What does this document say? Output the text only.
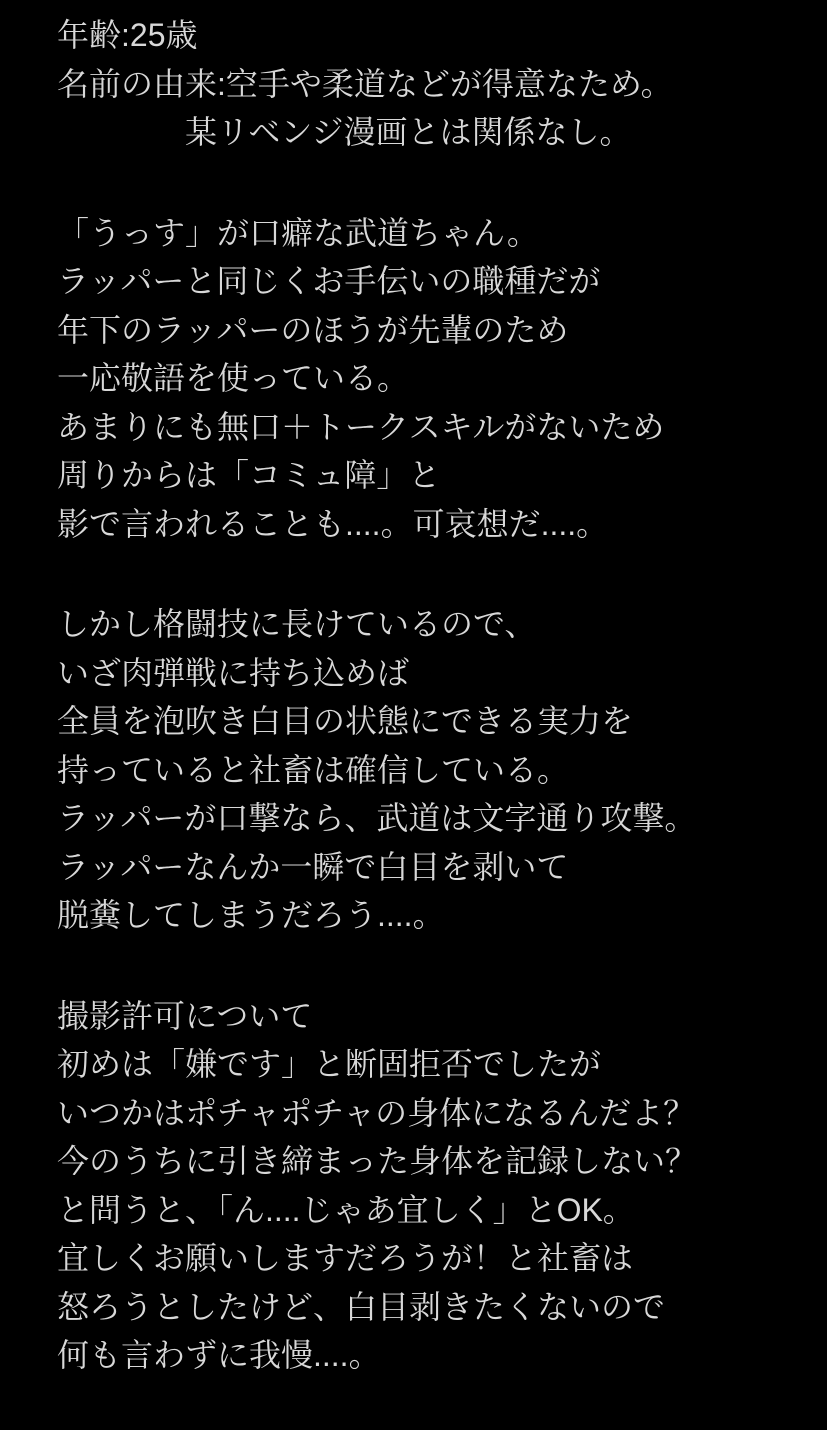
年齢:25歳
名前の由来:空手や柔道などが得意なため。
　　　　某リベンジ漫画とは関係なし。
「うっす」が口癖な武道ちゃん。
ラッパーと同じくお手伝いの職種だが
年下のラッパーのほうが先輩のため
一応敬語を使っている。
あまりにも無口＋トークスキルがないため
周りからは「コミュ障」と
影で言われることも....。可哀想だ....。
しかし格闘技に長けているので、
いざ肉弾戦に持ち込めば
全員を泡吹き白目の状態にできる実力を
持っていると社畜は確信している。
ラッパーが口撃なら、武道は文字通り攻撃。
ラッパーなんか一瞬で白目を剥いて
脱糞してしまうだろう....。
撮影許可について
初めは「嫌です」と断固拒否でしたが
いつかはポチャポチャの身体になるんだよ？
今のうちに引き締まった身体を記録しない？
と問うと、「ん....じゃあ宜しく」とOK。
宜しくお願いしますだろうが！と社畜は
怒ろうとしたけど、白目剥きたくないので
何も言わずに我慢....。
